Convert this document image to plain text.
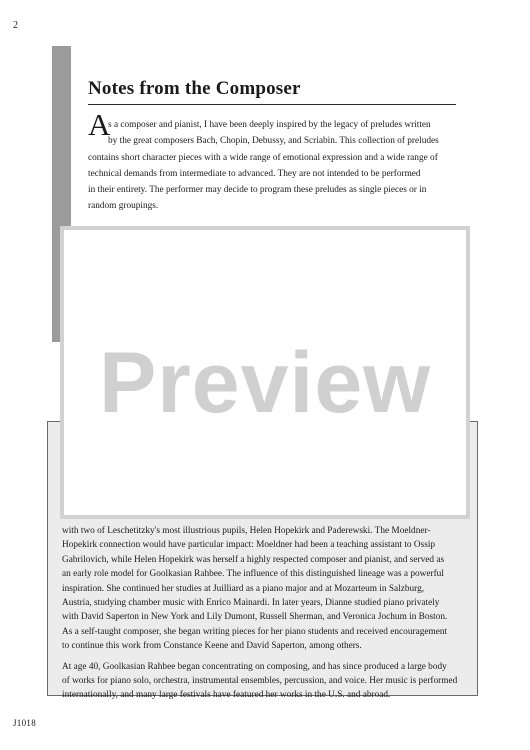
2
Notes from the Composer
A
s a composer and pianist, I have been deeply inspired by the legacy of preludes written
by the great composers Bach, Chopin, Debussy, and Scriabin. This collection of preludes
contains short character pieces with a wide range of emotional expression and a wide range of
technical demands from intermediate to advanced. They are not intended to be performed
in their entirety. The performer may decide to program these preludes as single pieces or in
random groupings.
with two of Leschetitzky's most illustrious pupils, Helen Hopekirk and Paderewski. The Moeldner-
Hopekirk connection would have particular impact: Moeldner had been a teaching assistant to Ossip
Gabrilovich, while Helen Hopekirk was herself a highly respected composer and pianist, and served as
an early role model for Goolkasian Rahbee. The influence of this distinguished lineage was a powerful
inspiration. She continued her studies at Juilliard as a piano major and at Mozarteum in Salzburg,
Austria, studying chamber music with Enrico Mainardi. In later years, Dianne studied piano privately
with David Saperton in New York and Lily Dumont, Russell Sherman, and Veronica Jochum in Boston.
As a self-taught composer, she began writing pieces for her piano students and received encouragement
to continue this work from Constance Keene and David Saperton, among others.
At age 40, Goolkasian Rahbee began concentrating on composing, and has since produced a large body
of works for piano solo, orchestra, instrumental ensembles, percussion, and voice. Her music is performed
internationally, and many large festivals have featured her works in the U.S. and abroad.
Preview
J1018
